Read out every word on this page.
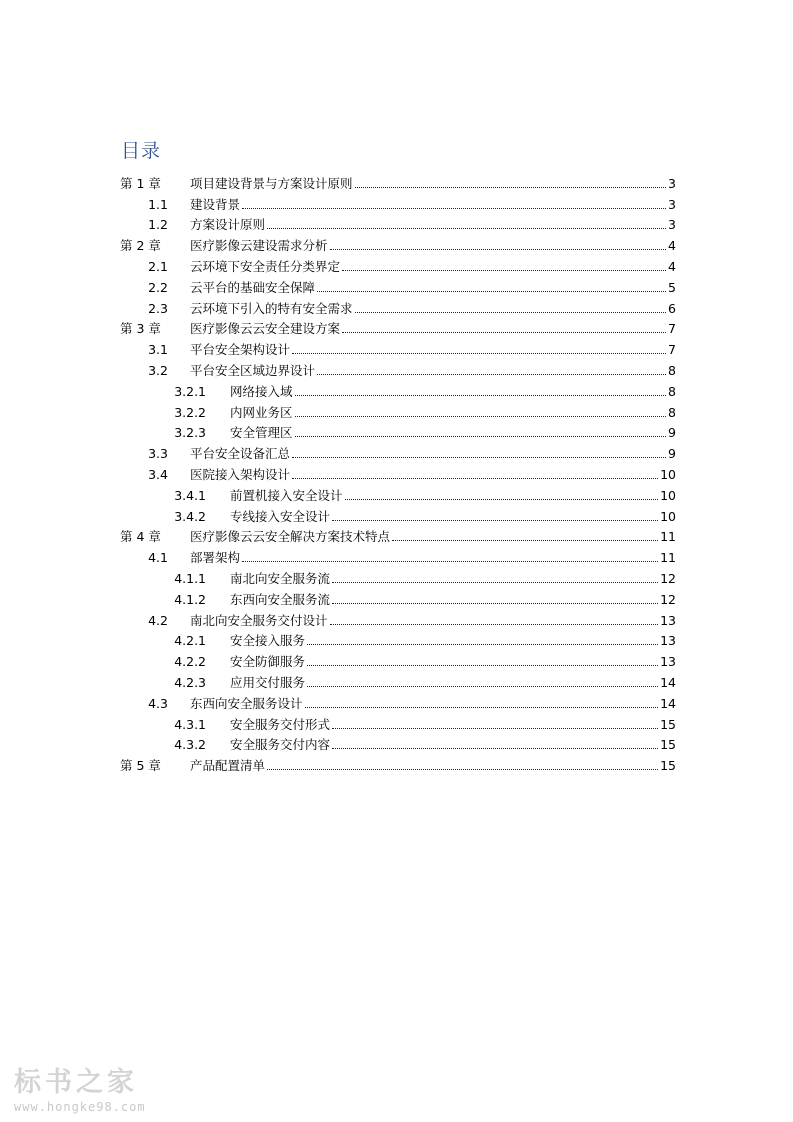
目录
第 1 章	项目建设背景与方案设计原则	3
1.1 建设背景	3
1.2 方案设计原则	3
第 2 章	医疗影像云建设需求分析	4
2.1 云环境下安全责任分类界定	4
2.2 云平台的基础安全保障	5
2.3 云环境下引入的特有安全需求	6
第 3 章	医疗影像云云安全建设方案	7
3.1 平台安全架构设计	7
3.2 平台安全区域边界设计	8
3.2.1 网络接入域	8
3.2.2 内网业务区	8
3.2.3 安全管理区	9
3.3 平台安全设备汇总	9
3.4 医院接入架构设计	10
3.4.1 前置机接入安全设计	10
3.4.2 专线接入安全设计	10
第 4 章	医疗影像云云安全解决方案技术特点	11
4.1 部署架构	11
4.1.1 南北向安全服务流	12
4.1.2 东西向安全服务流	12
4.2 南北向安全服务交付设计	13
4.2.1 安全接入服务	13
4.2.2 安全防御服务	13
4.2.3 应用交付服务	14
4.3 东西向安全服务设计	14
4.3.1 安全服务交付形式	15
4.3.2 安全服务交付内容	15
第 5 章	产品配置清单	15
标书之家
www.hongke98.com
